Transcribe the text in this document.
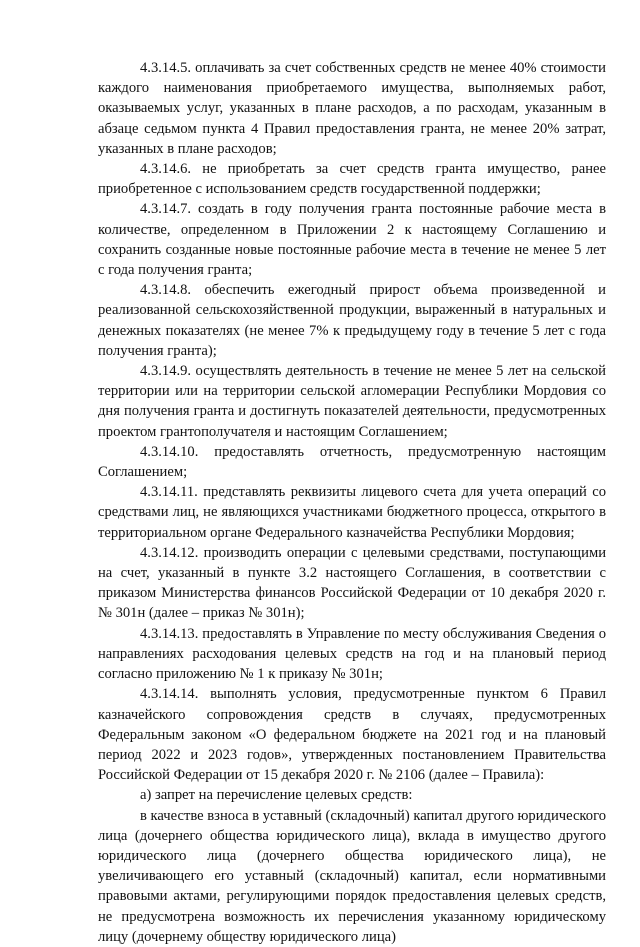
4.3.14.5. оплачивать за счет собственных средств не менее 40% стоимости каждого наименования приобретаемого имущества, выполняемых работ, оказываемых услуг, указанных в плане расходов, а по расходам, указанным в абзаце седьмом пункта 4 Правил предоставления гранта, не менее 20% затрат, указанных в плане расходов;

4.3.14.6. не приобретать за счет средств гранта имущество, ранее приобретенное с использованием средств государственной поддержки;

4.3.14.7. создать в году получения гранта постоянные рабочие места в количестве, определенном в Приложении 2 к настоящему Соглашению и сохранить созданные новые постоянные рабочие места в течение не менее 5 лет с года получения гранта;

4.3.14.8. обеспечить ежегодный прирост объема произведенной и реализованной сельскохозяйственной продукции, выраженный в натуральных и денежных показателях (не менее 7% к предыдущему году в течение 5 лет с года получения гранта);

4.3.14.9. осуществлять деятельность в течение не менее 5 лет на сельской территории или на территории сельской агломерации Республики Мордовия со дня получения гранта и достигнуть показателей деятельности, предусмотренных проектом грантополучателя и настоящим Соглашением;

4.3.14.10. предоставлять отчетность, предусмотренную настоящим Соглашением;

4.3.14.11. представлять реквизиты лицевого счета для учета операций со средствами лиц, не являющихся участниками бюджетного процесса, открытого в территориальном органе Федерального казначейства Республики Мордовия;

4.3.14.12. производить операции с целевыми средствами, поступающими на счет, указанный в пункте 3.2 настоящего Соглашения, в соответствии с приказом Министерства финансов Российской Федерации от 10 декабря 2020 г. № 301н (далее – приказ № 301н);

4.3.14.13. предоставлять в Управление по месту обслуживания Сведения о направлениях расходования целевых средств на год и на плановый период согласно приложению № 1 к приказу № 301н;

4.3.14.14. выполнять условия, предусмотренные пунктом 6 Правил казначейского сопровождения средств в случаях, предусмотренных Федеральным законом «О федеральном бюджете на 2021 год и на плановый период 2022 и 2023 годов», утвержденных постановлением Правительства Российской Федерации от 15 декабря 2020 г. № 2106 (далее – Правила):

а) запрет на перечисление целевых средств:

в качестве взноса в уставный (складочный) капитал другого юридического лица (дочернего общества юридического лица), вклада в имущество другого юридического лица (дочернего общества юридического лица), не увеличивающего его уставный (складочный) капитал, если нормативными правовыми актами, регулирующими порядок предоставления целевых средств, не предусмотрена возможность их перечисления указанному юридическому лицу (дочернему обществу юридического лица)
